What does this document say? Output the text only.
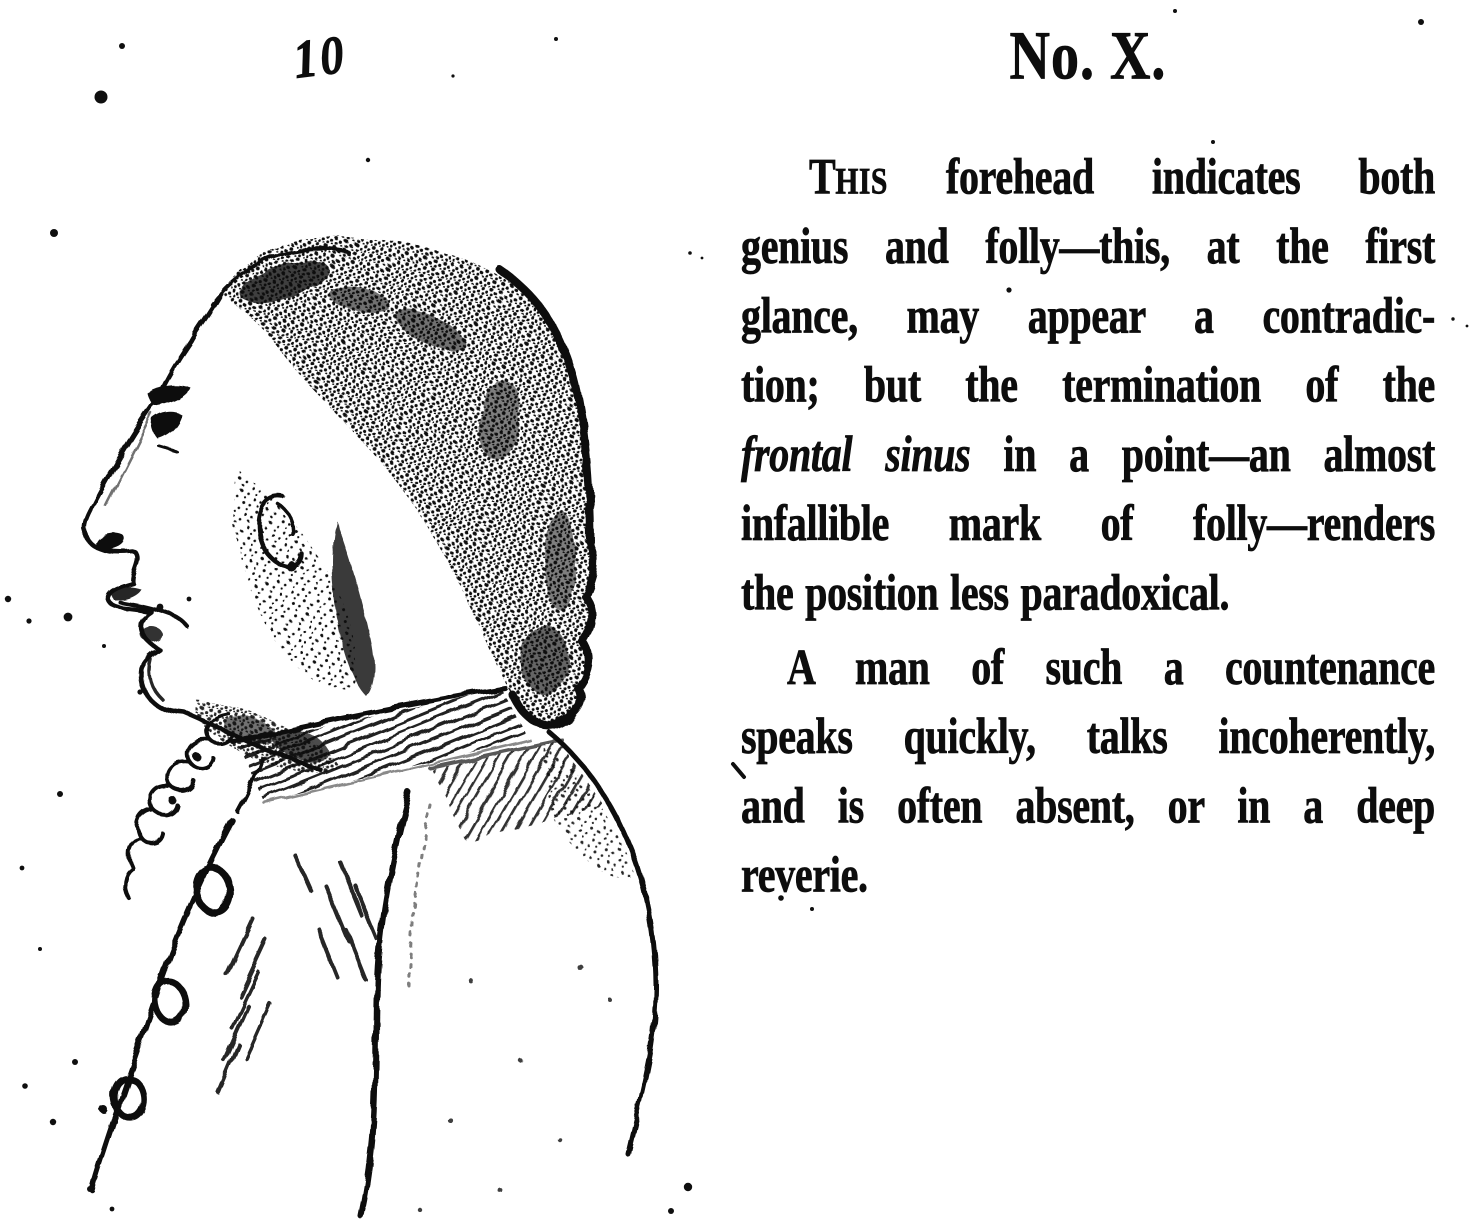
10	No. X.
THIS forehead indicates both
genius and folly—this, at the first
glance, may appear a contradic-
tion; but the termination of the
frontal sinus in a point—an almost
infallible mark of folly—renders
the position less paradoxical.
A man of such a countenance
speaks quickly, talks incoherently,
and is often absent, or in a deep
reverie.
